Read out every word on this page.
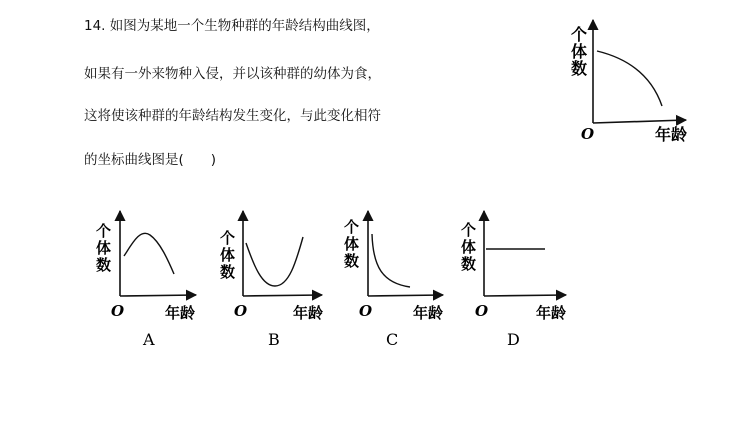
14. 如图为某地一个生物种群的年龄结构曲线图，
如果有一外来物种入侵，并以该种群的幼体为食，
这将使该种群的年龄结构发生变化，与此变化相符
的坐标曲线图是(　　)
个
体
数
O	年龄
个
体
数
O	年龄
A
个
体
数
O	年龄
B
个
体
数
O	年龄
C
个
体
数
O	年龄
D
